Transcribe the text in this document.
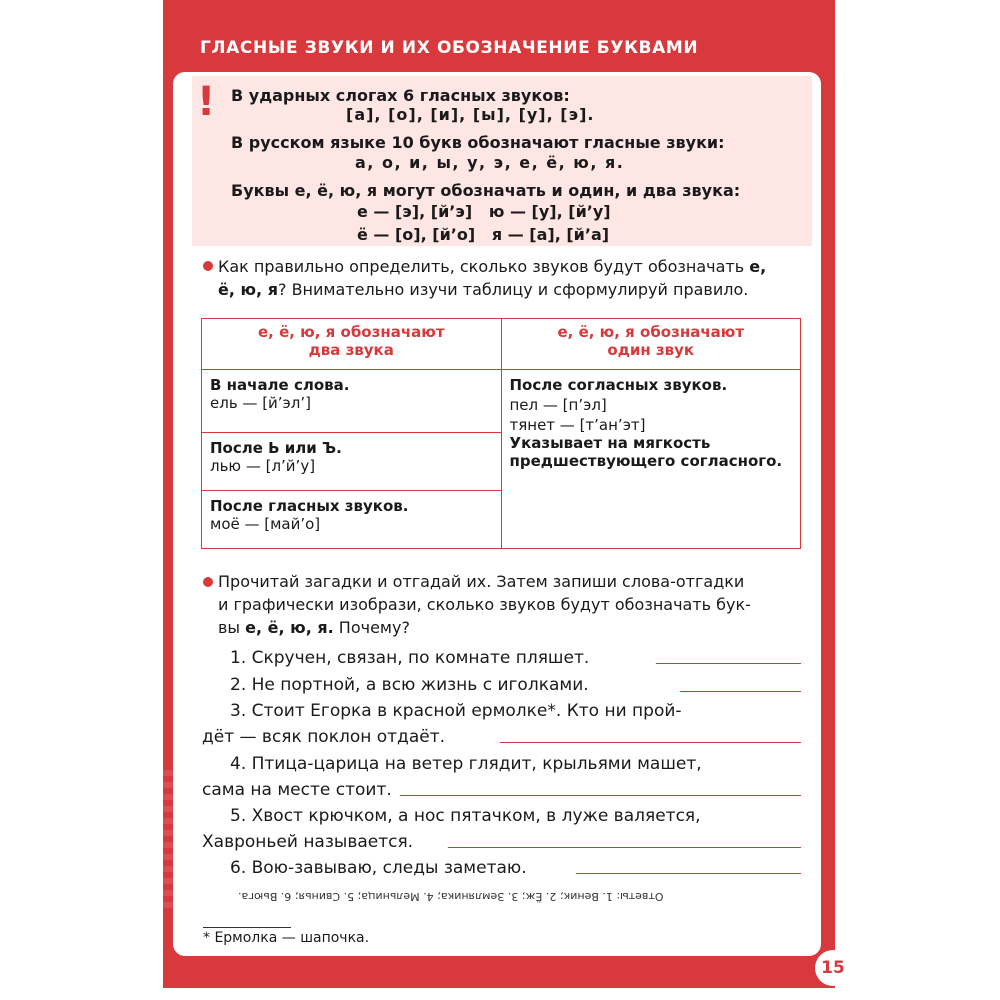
ГЛАСНЫЕ ЗВУКИ И ИХ ОБОЗНАЧЕНИЕ БУКВАМИ
! В ударных слогах 6 гласных звуков:
[а], [о], [и], [ы], [у], [э].
В русском языке 10 букв обозначают гласные звуки:
а, о, и, ы, у, э, е, ё, ю, я.
Буквы е, ё, ю, я могут обозначать и один, и два звука:
е — [э], [й’э]   ю — [у], [й’у]
ё — [о], [й’о]   я — [а], [й’а]
Как правильно определить, сколько звуков будут обозначать е,
ё, ю, я? Внимательно изучи таблицу и сформулируй правило.
е, ё, ю, я обозначают
два звука	е, ё, ю, я обозначают
один звук

В начале слова.
ель — [й’эл’]	После согласных звуков.
пел — [п’эл]
тянет — [т’ан’эт]
Указывает на мягкость
предшествующего согласного.

После Ь или Ъ.
лью — [л’й’у]	

После гласных звуков.
моё — [май’о]	
Прочитай загадки и отгадай их. Затем запиши слова-отгадки
и графически изобрази, сколько звуков будут обозначать бук-
вы е, ё, ю, я. Почему?
1. Скручен, связан, по комнате пляшет.
2. Не портной, а всю жизнь с иголками.
3. Стоит Егорка в красной ермолке*. Кто ни прой-
дёт — всяк поклон отдаёт.
4. Птица-царица на ветер глядит, крыльями машет,
сама на месте стоит.
5. Хвост крючком, а нос пятачком, в луже валяется,
Хавроньей называется.
6. Вою-завываю, следы заметаю.
Ответы: 1. Веник; 2. Ёж; 3. Земляника; 4. Мельница; 5. Свинья; 6. Вьюга.
* Ермолка — шапочка.
15
